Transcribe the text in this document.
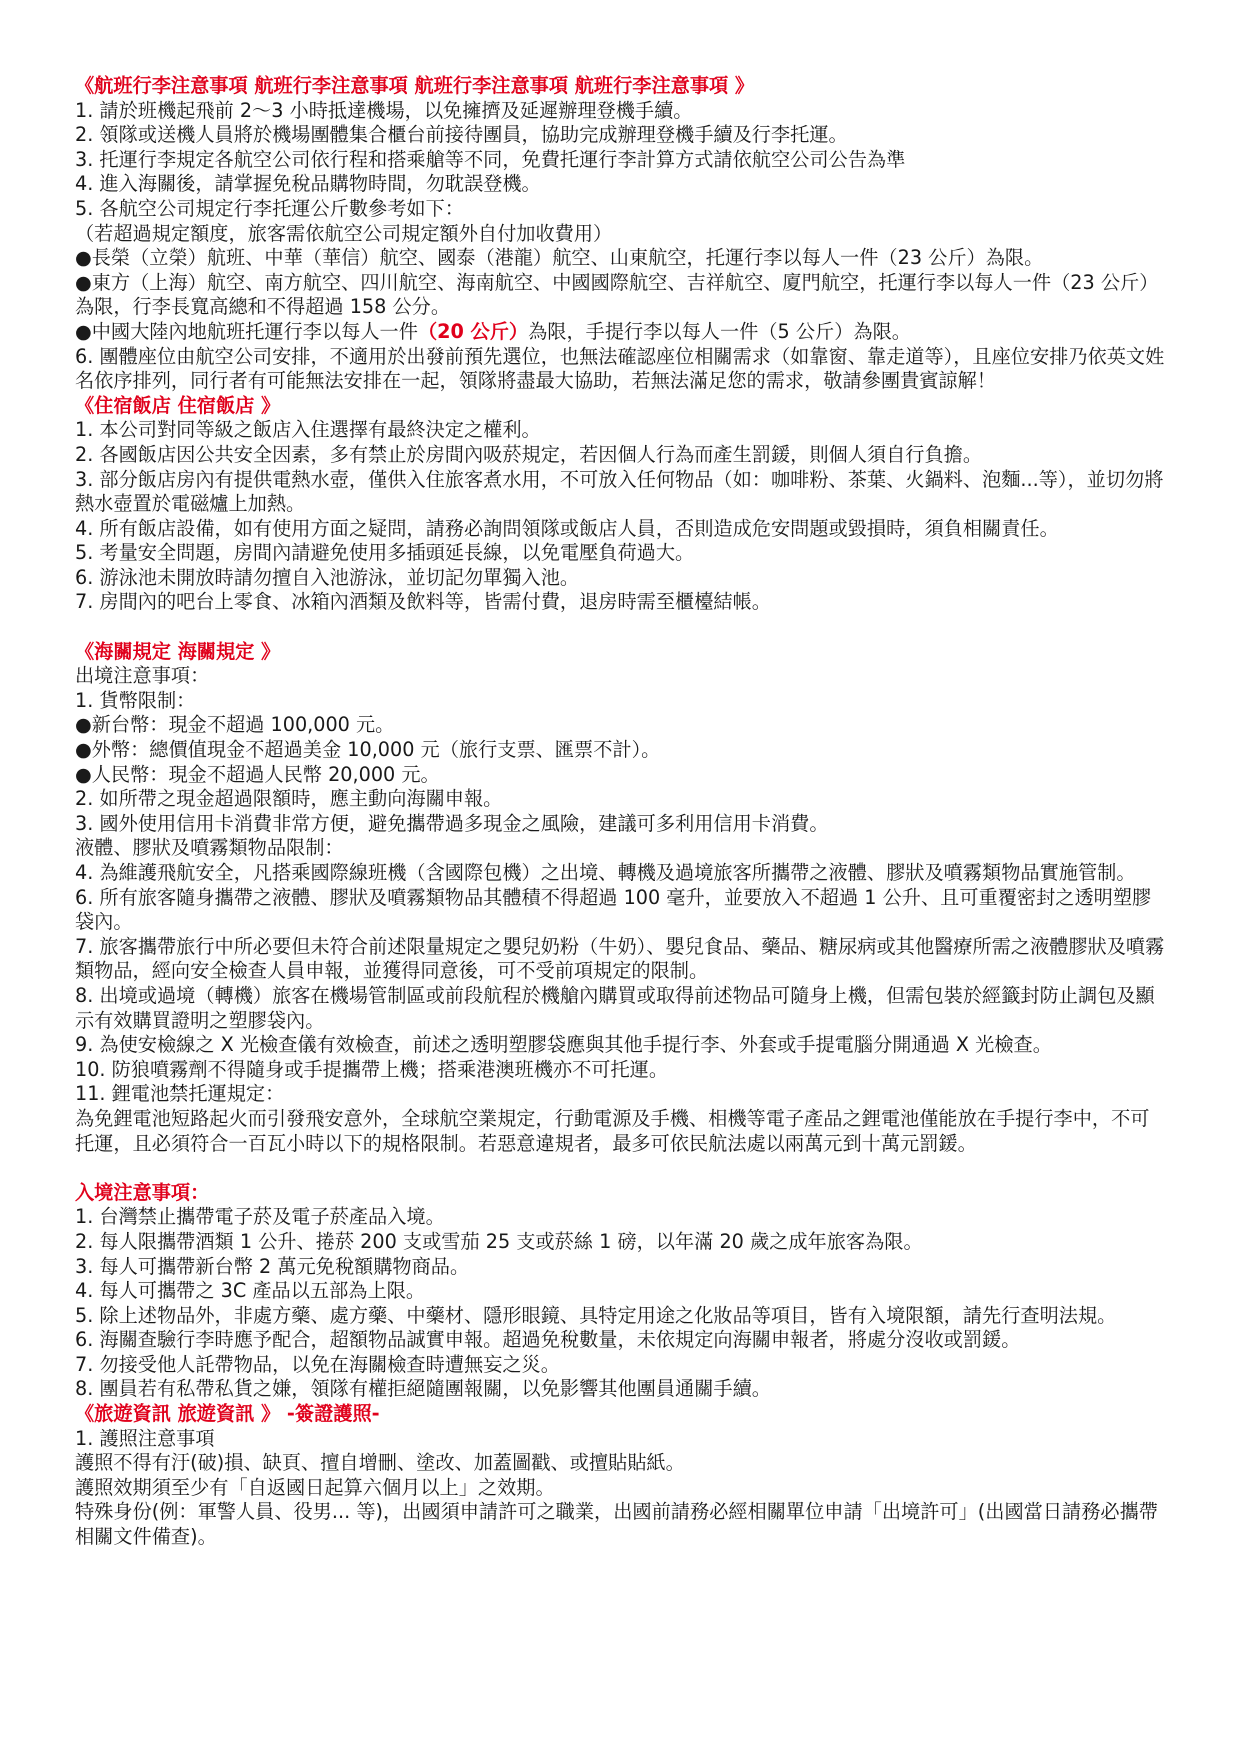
《航班行李注意事項 航班行李注意事項 航班行李注意事項 航班行李注意事項 》
1. 請於班機起飛前 2～3 小時抵達機場，以免擁擠及延遲辦理登機手續。
2. 領隊或送機人員將於機場團體集合櫃台前接待團員，協助完成辦理登機手續及行李托運。
3. 托運行李規定各航空公司依行程和搭乘艙等不同，免費托運行李計算方式請依航空公司公告為準
4. 進入海關後，請掌握免稅品購物時間，勿耽誤登機。
5. 各航空公司規定行李托運公斤數參考如下：
（若超過規定額度，旅客需依航空公司規定額外自付加收費用）
●長榮（立榮）航班、中華（華信）航空、國泰（港龍）航空、山東航空，托運行李以每人一件（23 公斤）為限。
●東方（上海）航空、南方航空、四川航空、海南航空、中國國際航空、吉祥航空、廈門航空，托運行李以每人一件（23 公斤）為限，行李長寬高總和不得超過 158 公分。
●中國大陸內地航班托運行李以每人一件（20 公斤）為限，手提行李以每人一件（5 公斤）為限。
6. 團體座位由航空公司安排，不適用於出發前預先選位，也無法確認座位相關需求（如靠窗、靠走道等），且座位安排乃依英文姓名依序排列，同行者有可能無法安排在一起，領隊將盡最大協助，若無法滿足您的需求，敬請參團貴賓諒解！
《住宿飯店 住宿飯店 》
1. 本公司對同等級之飯店入住選擇有最終決定之權利。
2. 各國飯店因公共安全因素，多有禁止於房間內吸菸規定，若因個人行為而產生罰鍰，則個人須自行負擔。
3. 部分飯店房內有提供電熱水壺，僅供入住旅客煮水用，不可放入任何物品（如：咖啡粉、茶葉、火鍋料、泡麵...等），並切勿將熱水壺置於電磁爐上加熱。
4. 所有飯店設備，如有使用方面之疑問，請務必詢問領隊或飯店人員，否則造成危安問題或毀損時，須負相關責任。
5. 考量安全問題，房間內請避免使用多插頭延長線，以免電壓負荷過大。
6. 游泳池未開放時請勿擅自入池游泳，並切記勿單獨入池。
7. 房間內的吧台上零食、冰箱內酒類及飲料等，皆需付費，退房時需至櫃檯結帳。
《海關規定 海關規定 》
出境注意事項：
1. 貨幣限制：
●新台幣：現金不超過 100,000 元。
●外幣：總價值現金不超過美金 10,000 元（旅行支票、匯票不計）。
●人民幣：現金不超過人民幣 20,000 元。
2. 如所帶之現金超過限額時，應主動向海關申報。
3. 國外使用信用卡消費非常方便，避免攜帶過多現金之風險，建議可多利用信用卡消費。
液體、膠狀及噴霧類物品限制：
4. 為維護飛航安全，凡搭乘國際線班機（含國際包機）之出境、轉機及過境旅客所攜帶之液體、膠狀及噴霧類物品實施管制。
6. 所有旅客隨身攜帶之液體、膠狀及噴霧類物品其體積不得超過 100 毫升，並要放入不超過 1 公升、且可重覆密封之透明塑膠袋內。
7. 旅客攜帶旅行中所必要但未符合前述限量規定之嬰兒奶粉（牛奶）、嬰兒食品、藥品、糖尿病或其他醫療所需之液體膠狀及噴霧類物品，經向安全檢查人員申報，並獲得同意後，可不受前項規定的限制。
8. 出境或過境（轉機）旅客在機場管制區或前段航程於機艙內購買或取得前述物品可隨身上機，但需包裝於經籤封防止調包及顯示有效購買證明之塑膠袋內。
9. 為使安檢線之 X 光檢查儀有效檢查，前述之透明塑膠袋應與其他手提行李、外套或手提電腦分開通過 X 光檢查。
10. 防狼噴霧劑不得隨身或手提攜帶上機；搭乘港澳班機亦不可托運。
11. 鋰電池禁托運規定：
為免鋰電池短路起火而引發飛安意外，全球航空業規定，行動電源及手機、相機等電子產品之鋰電池僅能放在手提行李中，不可托運，且必須符合一百瓦小時以下的規格限制。若惡意違規者，最多可依民航法處以兩萬元到十萬元罰鍰。
入境注意事項：
1. 台灣禁止攜帶電子菸及電子菸產品入境。
2. 每人限攜帶酒類 1 公升、捲菸 200 支或雪茄 25 支或菸絲 1 磅，以年滿 20 歲之成年旅客為限。
3. 每人可攜帶新台幣 2 萬元免稅額購物商品。
4. 每人可攜帶之 3C 產品以五部為上限。
5. 除上述物品外，非處方藥、處方藥、中藥材、隱形眼鏡、具特定用途之化妝品等項目，皆有入境限額，請先行查明法規。
6. 海關查驗行李時應予配合，超額物品誠實申報。超過免稅數量，未依規定向海關申報者，將處分沒收或罰鍰。
7. 勿接受他人託帶物品，以免在海關檢查時遭無妄之災。
8. 團員若有私帶私貨之嫌，領隊有權拒絕隨團報關，以免影響其他團員通關手續。
《旅遊資訊 旅遊資訊 》 -簽證護照-
1. 護照注意事項
護照不得有汙(破)損、缺頁、擅自增刪、塗改、加蓋圖戳、或擅貼貼紙。
護照效期須至少有「自返國日起算六個月以上」之效期。
特殊身份(例：軍警人員、役男... 等)，出國須申請許可之職業，出國前請務必經相關單位申請「出境許可」(出國當日請務必攜帶相關文件備查)。
